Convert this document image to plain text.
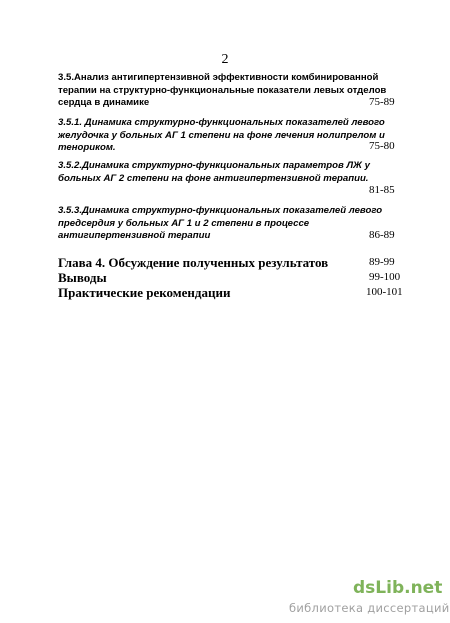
2
3.5.Анализ антигипертензивной эффективности комбинированной
терапии на структурно-функциональные показатели левых отделов
сердца в динамике	75-89
3.5.1. Динамика структурно-функциональных показателей левого
желудочка у больных АГ 1 степени на фоне лечения нолипрелом и
тенориком.	75-80
3.5.2.Динамика структурно-функциональных параметров ЛЖ у
больных АГ 2 степени на фоне антигипертензивной терапии.
81-85
3.5.3.Динамика структурно-функциональных показателей левого
предсердия у больных АГ 1 и 2 степени в процессе
антигипертензивной терапии	86-89
Глава 4. Обсуждение полученных результатов	89-99
Выводы	99-100
Практические рекомендации	100-101
dsLib.net
библиотека диссертаций
